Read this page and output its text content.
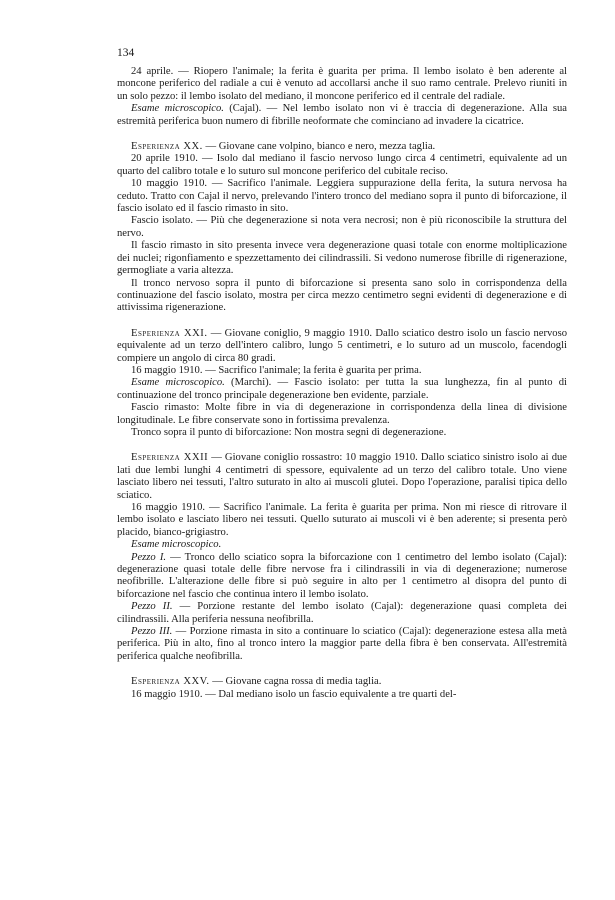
134

24 aprile. — Riopero l'animale; la ferita è guarita per prima. Il lembo isolato è ben aderente al moncone periferico del radiale a cui è venuto ad accollarsi anche il suo ramo centrale. Prelevo riuniti in un solo pezzo: il lembo isolato del mediano, il moncone periferico ed il centrale del radiale.

Esame microscopico. (Cajal). — Nel lembo isolato non vi è traccia di degenerazione. Alla sua estremità periferica buon numero di fibrille neoformate che cominciano ad invadere la cicatrice.

Esperienza XX. — Giovane cane volpino, bianco e nero, mezza taglia.

20 aprile 1910. — Isolo dal mediano il fascio nervoso lungo circa 4 centimetri, equivalente ad un quarto del calibro totale e lo suturo sul moncone periferico del cubitale reciso.

10 maggio 1910. — Sacrifico l'animale. Leggiera suppurazione della ferita, la sutura nervosa ha ceduto. Tratto con Cajal il nervo, prelevando l'intero tronco del mediano sopra il punto di biforcazione, il fascio isolato ed il fascio rimasto in sito.

Fascio isolato. — Più che degenerazione si nota vera necrosi; non è più riconoscibile la struttura del nervo.

Il fascio rimasto in sito presenta invece vera degenerazione quasi totale con enorme moltiplicazione dei nuclei; rigonfiamento e spezzettamento dei cilindrassili. Si vedono numerose fibrille di rigenerazione, germogliate a varia altezza.

Il tronco nervoso sopra il punto di biforcazione si presenta sano solo in corrispondenza della continuazione del fascio isolato, mostra per circa mezzo centimetro segni evidenti di degenerazione e di attivissima rigenerazione.

Esperienza XXI. — Giovane coniglio, 9 maggio 1910. Dallo sciatico destro isolo un fascio nervoso equivalente ad un terzo dell'intero calibro, lungo 5 centimetri, e lo suturo ad un muscolo, facendogli compiere un angolo di circa 80 gradi.

16 maggio 1910. — Sacrifico l'animale; la ferita è guarita per prima.

Esame microscopico. (Marchi). — Fascio isolato: per tutta la sua lunghezza, fin al punto di continuazione del tronco principale degenerazione ben evidente, parziale.

Fascio rimasto: Molte fibre in via di degenerazione in corrispondenza della linea di divisione longitudinale. Le fibre conservate sono in fortissima prevalenza.

Tronco sopra il punto di biforcazione: Non mostra segni di degenerazione.

Esperienza XXII — Giovane coniglio rossastro: 10 maggio 1910. Dallo sciatico sinistro isolo ai due lati due lembi lunghi 4 centimetri di spessore, equivalente ad un terzo del calibro totale. Uno viene lasciato libero nei tessuti, l'altro suturato in alto ai muscoli glutei. Dopo l'operazione, paralisi tipica dello sciatico.

16 maggio 1910. — Sacrifico l'animale. La ferita è guarita per prima. Non mi riesce di ritrovare il lembo isolato e lasciato libero nei tessuti. Quello suturato ai muscoli vi è ben aderente; si presenta però placido, bianco-grigiastro.

Esame microscopico.

Pezzo I. — Tronco dello sciatico sopra la biforcazione con 1 centimetro del lembo isolato (Cajal): degenerazione quasi totale delle fibre nervose fra i cilindrassili in via di degenerazione; numerose neofibrille. L'alterazione delle fibre si può seguire in alto per 1 centimetro al disopra del punto di biforcazione nel fascio che continua intero il lembo isolato.

Pezzo II. — Porzione restante del lembo isolato (Cajal): degenerazione quasi completa dei cilindrassili. Alla periferia nessuna neofibrilla.

Pezzo III. — Porzione rimasta in sito a continuare lo sciatico (Cajal): degenerazione estesa alla metà periferica. Più in alto, fino al tronco intero la maggior parte della fibra è ben conservata. All'estremità periferica qualche neofibrilla.

Esperienza XXV. — Giovane cagna rossa di media taglia.

16 maggio 1910. — Dal mediano isolo un fascio equivalente a tre quarti del-
